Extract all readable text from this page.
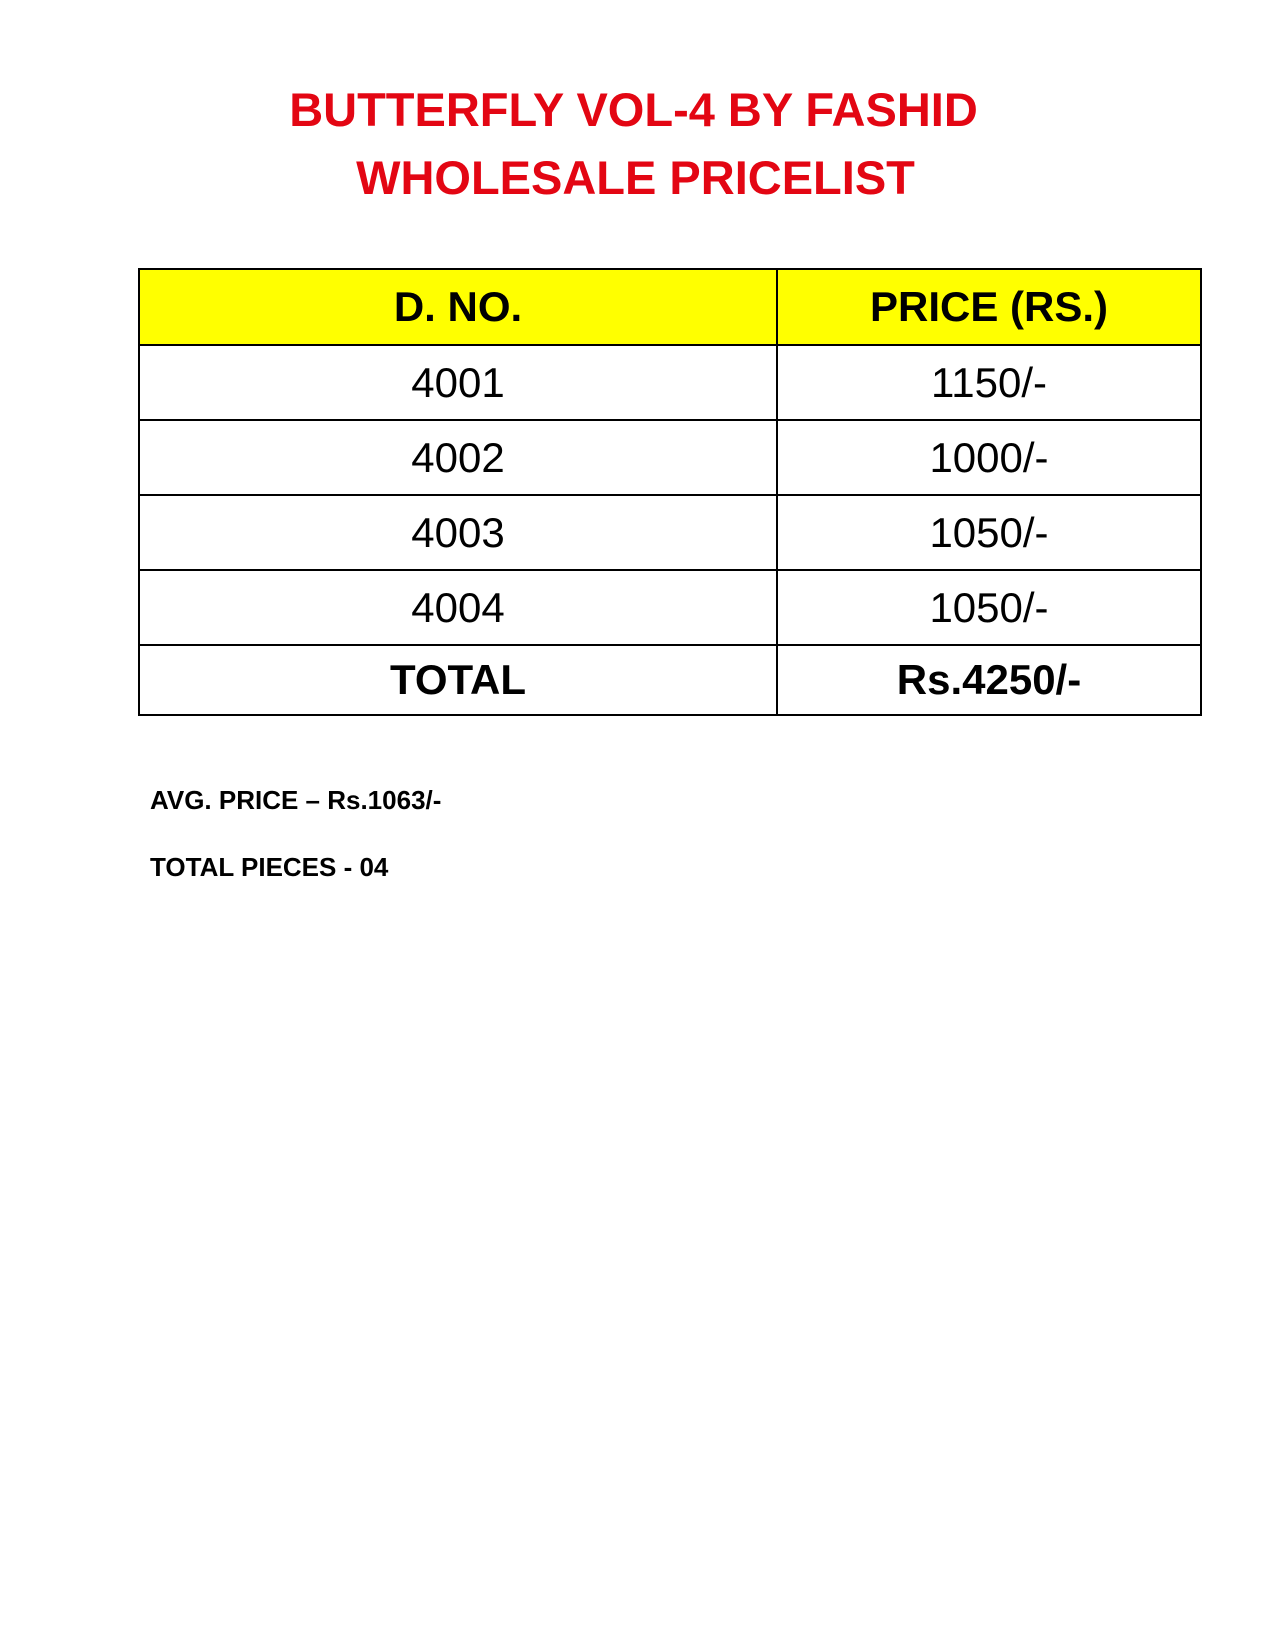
BUTTERFLY VOL-4 BY FASHID
WHOLESALE PRICELIST
D. NO.	PRICE (RS.)
4001	1150/-
4002	1000/-
4003	1050/-
4004	1050/-
TOTAL	Rs.4250/-

AVG. PRICE – Rs.1063/-

TOTAL PIECES - 04
